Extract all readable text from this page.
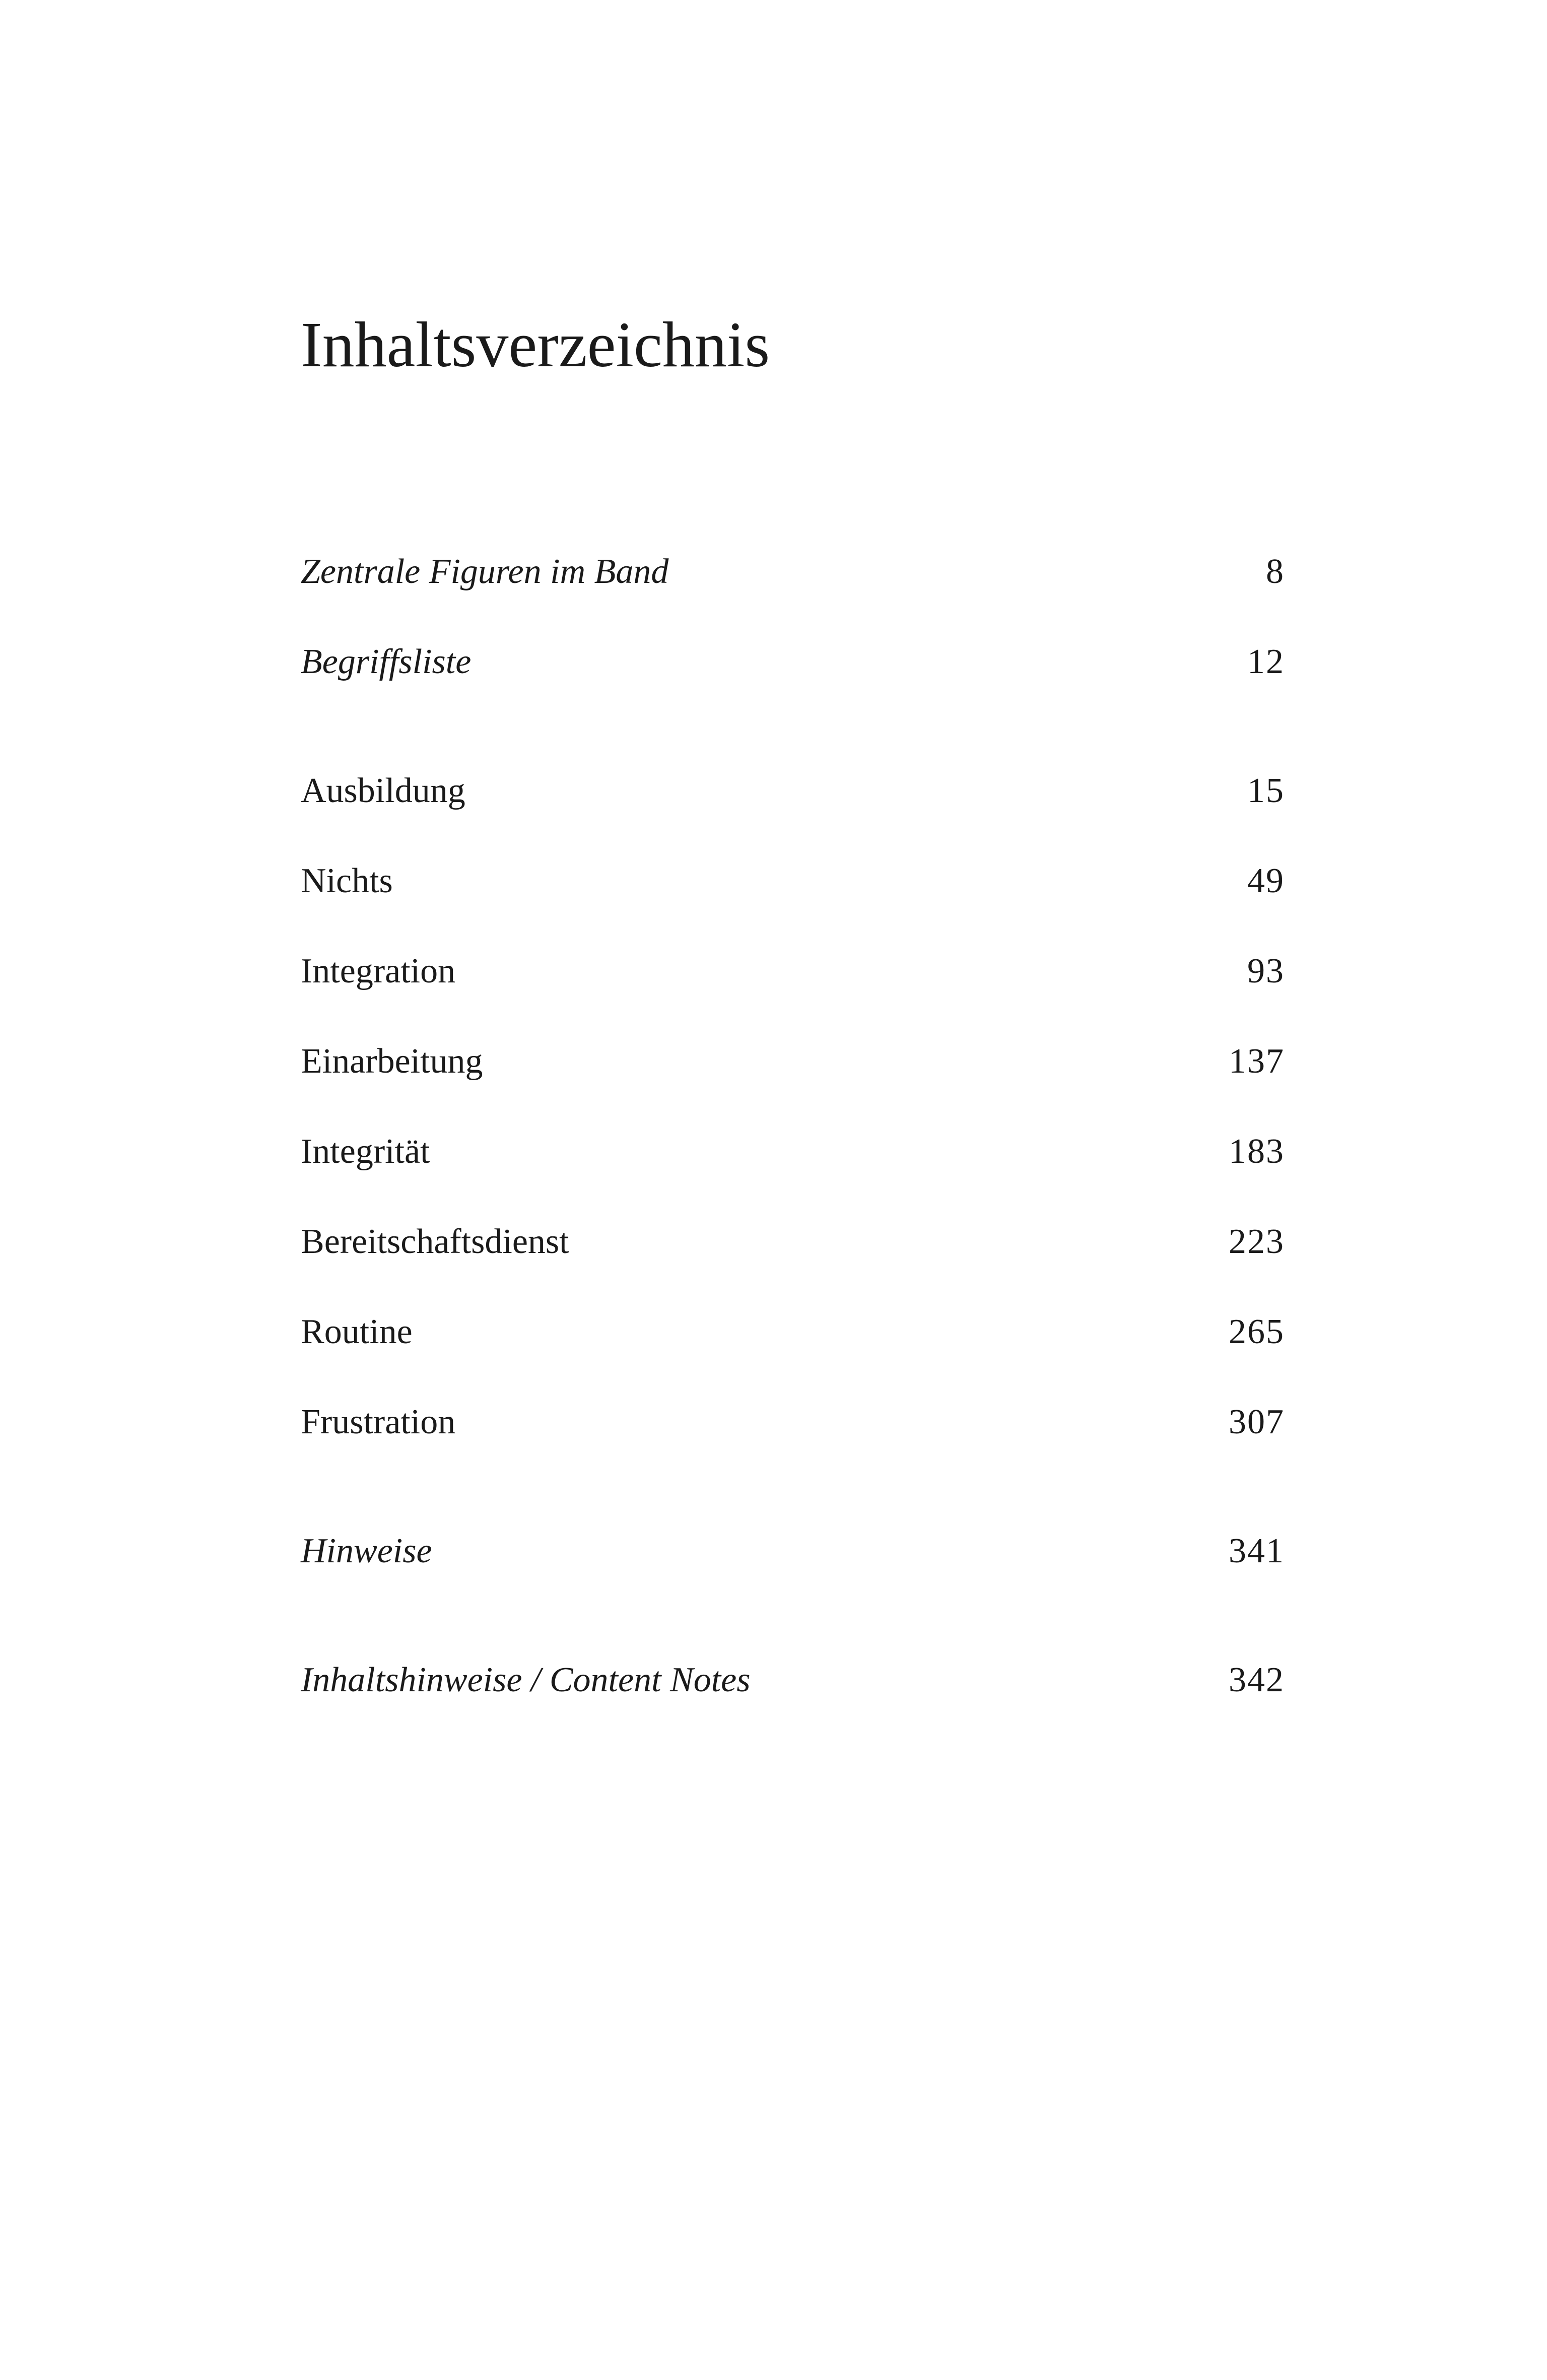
Inhaltsverzeichnis
Zentrale Figuren im Band	8
Begriffsliste	12
Ausbildung	15
Nichts	49
Integration	93
Einarbeitung	137
Integrität	183
Bereitschaftsdienst	223
Routine	265
Frustration	307
Hinweise	341
Inhaltshinweise / Content Notes	342
